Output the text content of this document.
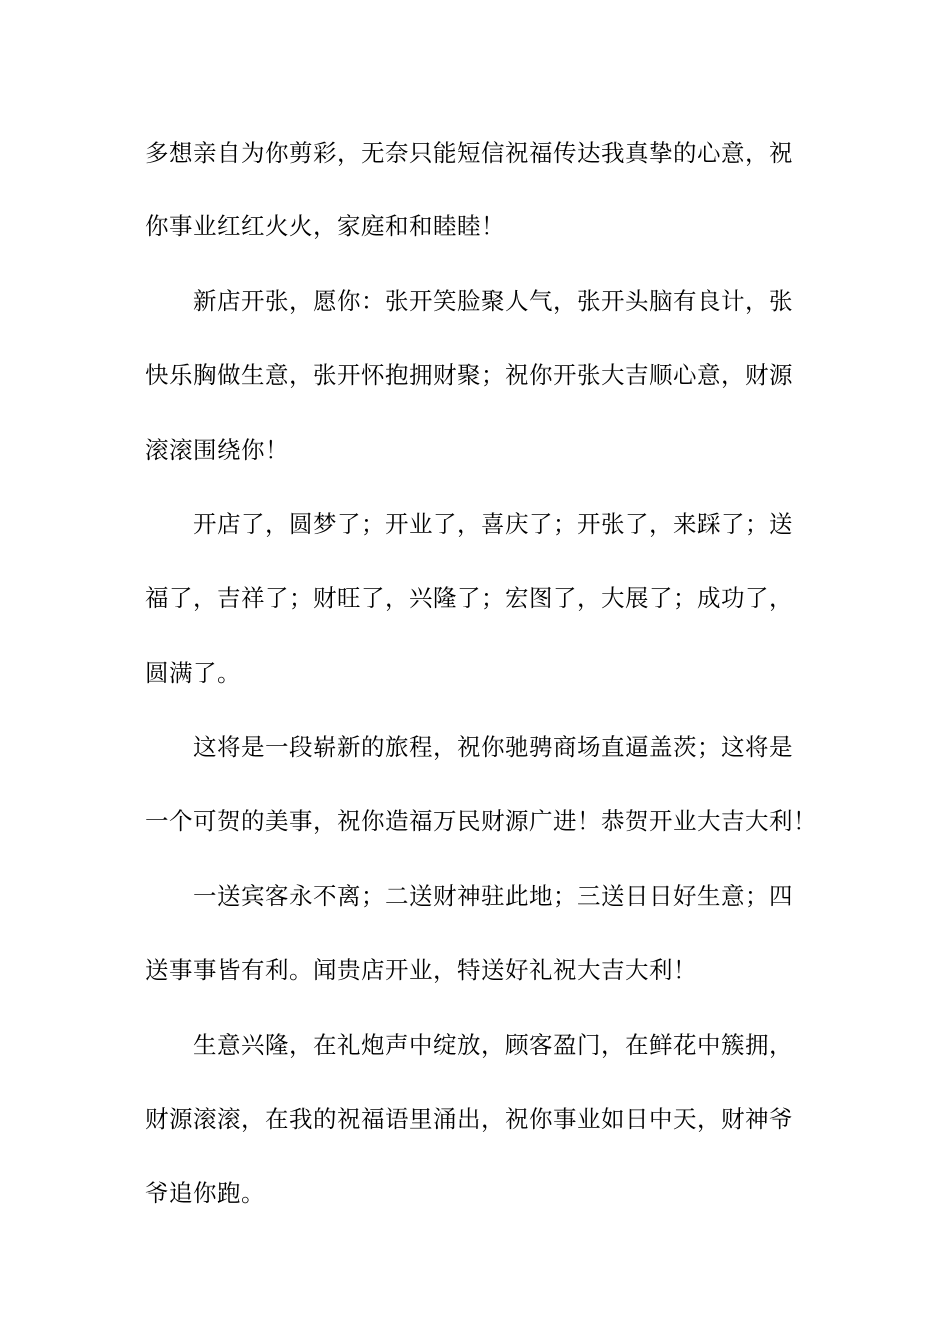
多想亲自为你剪彩，无奈只能短信祝福传达我真挚的心意，祝
你事业红红火火，家庭和和睦睦！
新店开张，愿你：张开笑脸聚人气，张开头脑有良计，张
快乐胸做生意，张开怀抱拥财聚；祝你开张大吉顺心意，财源
滚滚围绕你！
开店了，圆梦了；开业了，喜庆了；开张了，来踩了；送
福了，吉祥了；财旺了，兴隆了；宏图了，大展了；成功了，
圆满了。
这将是一段崭新的旅程，祝你驰骋商场直逼盖茨；这将是
一个可贺的美事，祝你造福万民财源广进！恭贺开业大吉大利！
一送宾客永不离；二送财神驻此地；三送日日好生意；四
送事事皆有利。闻贵店开业，特送好礼祝大吉大利！
生意兴隆，在礼炮声中绽放，顾客盈门，在鲜花中簇拥，
财源滚滚，在我的祝福语里涌出，祝你事业如日中天，财神爷
爷追你跑。
